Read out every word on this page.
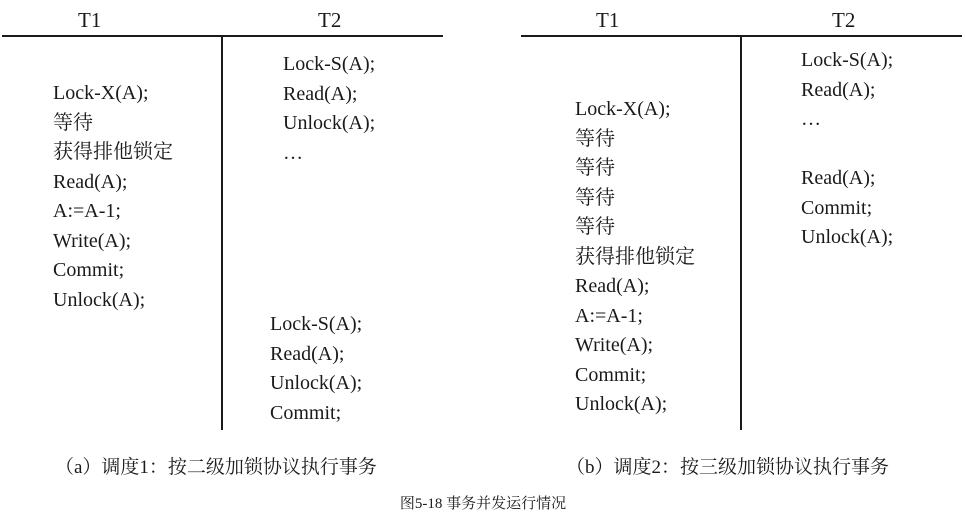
T1	T2
Lock-X(A);
等待
获得排他锁定
Read(A);
A:=A-1;
Write(A);
Commit;
Unlock(A);
Lock-S(A);
Read(A);
Unlock(A);
…
Lock-S(A);
Read(A);
Unlock(A);
Commit;
（a）调度1：按二级加锁协议执行事务
T1	T2
Lock-X(A);
等待
等待
等待
等待
获得排他锁定
Read(A);
A:=A-1;
Write(A);
Commit;
Unlock(A);
Lock-S(A);
Read(A);
…
Read(A);
Commit;
Unlock(A);
（b）调度2：按三级加锁协议执行事务
图5-18 事务并发运行情况
